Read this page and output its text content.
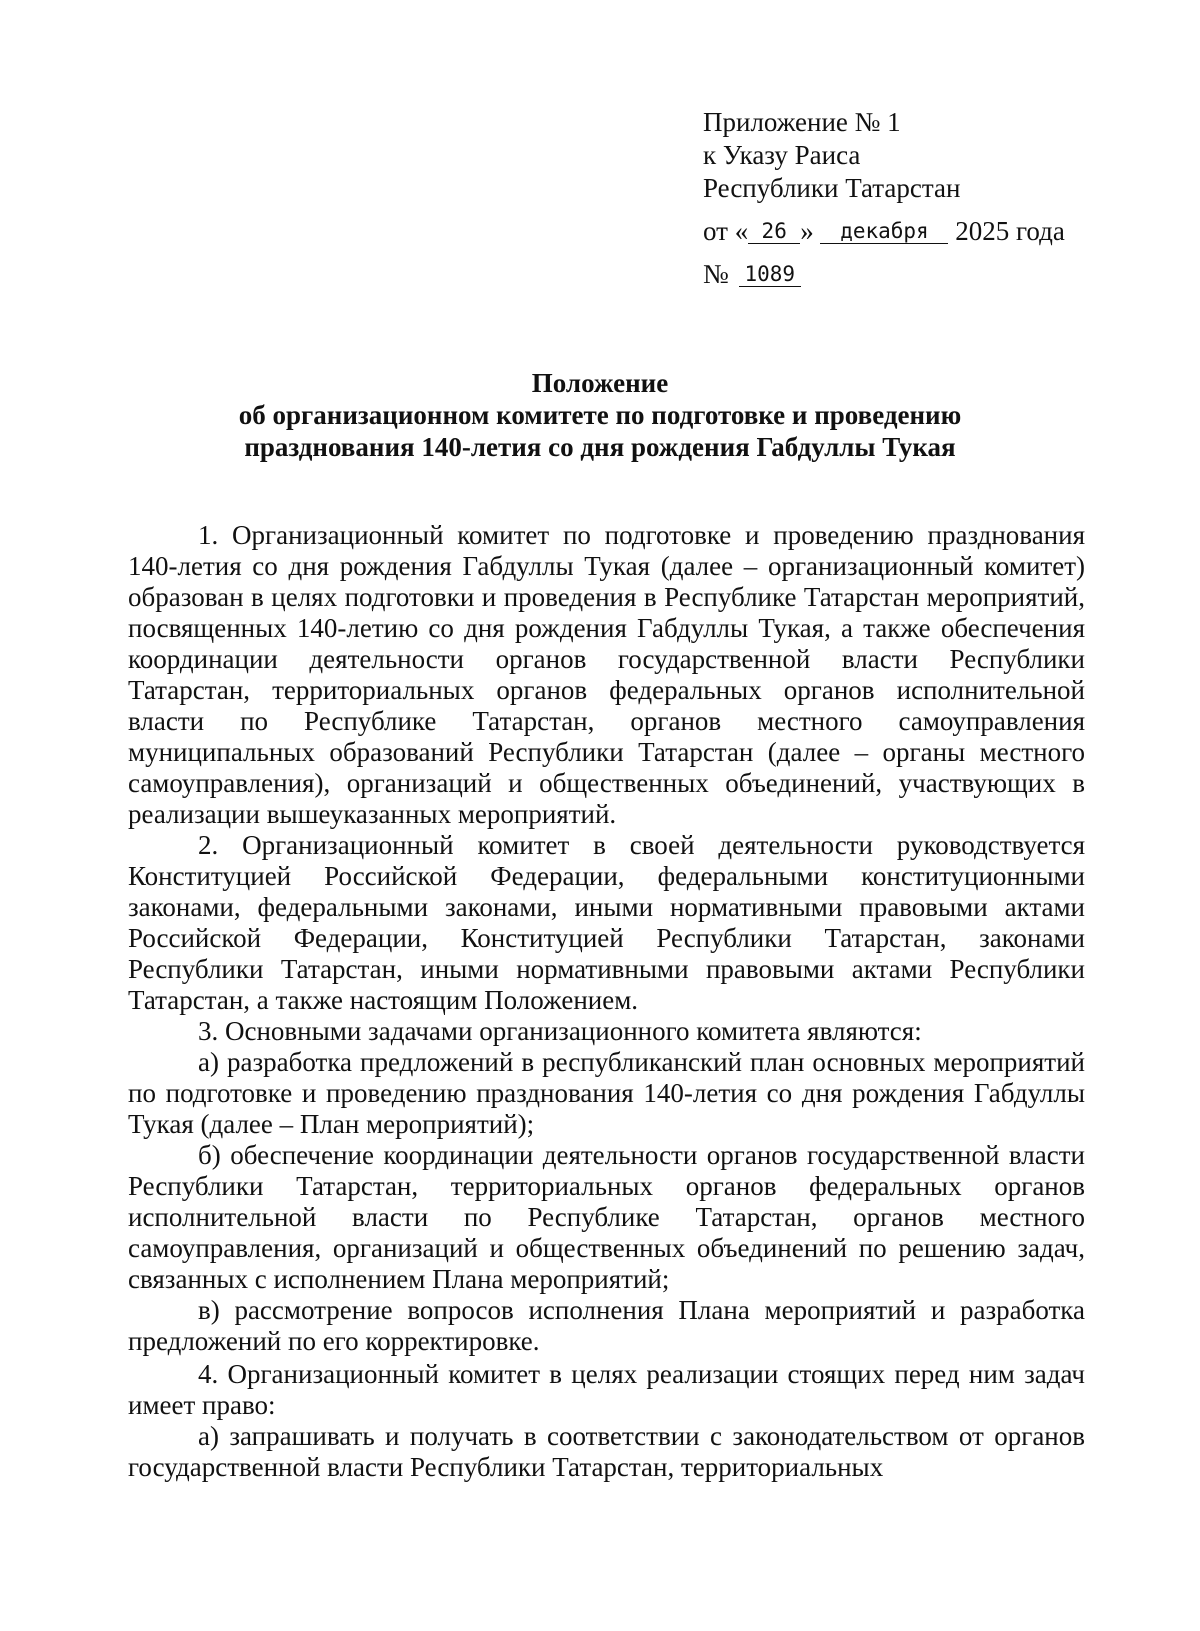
Приложение № 1
к Указу Раиса
Республики Татарстан
от « 26 » декабря 2025 года
№ 1089
Положение
об организационном комитете по подготовке и проведению
празднования 140-летия со дня рождения Габдуллы Тукая

1. Организационный комитет по подготовке и проведению празднования 140-летия со дня рождения Габдуллы Тукая (далее – организационный комитет) образован в целях подготовки и проведения в Республике Татарстан мероприятий, посвященных 140-летию со дня рождения Габдуллы Тукая, а также обеспечения координации деятельности органов государственной власти Республики Татарстан, территориальных органов федеральных органов исполнительной власти по Республике Татарстан, органов местного самоуправления муниципальных образований Республики Татарстан (далее – органы местного самоуправления), организаций и общественных объединений, участвующих в реализации вышеуказанных мероприятий.

2. Организационный комитет в своей деятельности руководствуется Конституцией Российской Федерации, федеральными конституционными законами, федеральными законами, иными нормативными правовыми актами Российской Федерации, Конституцией Республики Татарстан, законами Республики Татарстан, иными нормативными правовыми актами Республики Татарстан, а также настоящим Положением.

3. Основными задачами организационного комитета являются:

а) разработка предложений в республиканский план основных мероприятий по подготовке и проведению празднования 140-летия со дня рождения Габдуллы Тукая (далее – План мероприятий);

б) обеспечение координации деятельности органов государственной власти Республики Татарстан, территориальных органов федеральных органов исполнительной власти по Республике Татарстан, органов местного самоуправления, организаций и общественных объединений по решению задач, связанных с исполнением Плана мероприятий;

в) рассмотрение вопросов исполнения Плана мероприятий и разработка предложений по его корректировке.

4. Организационный комитет в целях реализации стоящих перед ним задач имеет право:

а) запрашивать и получать в соответствии с законодательством от органов государственной власти Республики Татарстан, территориальных
